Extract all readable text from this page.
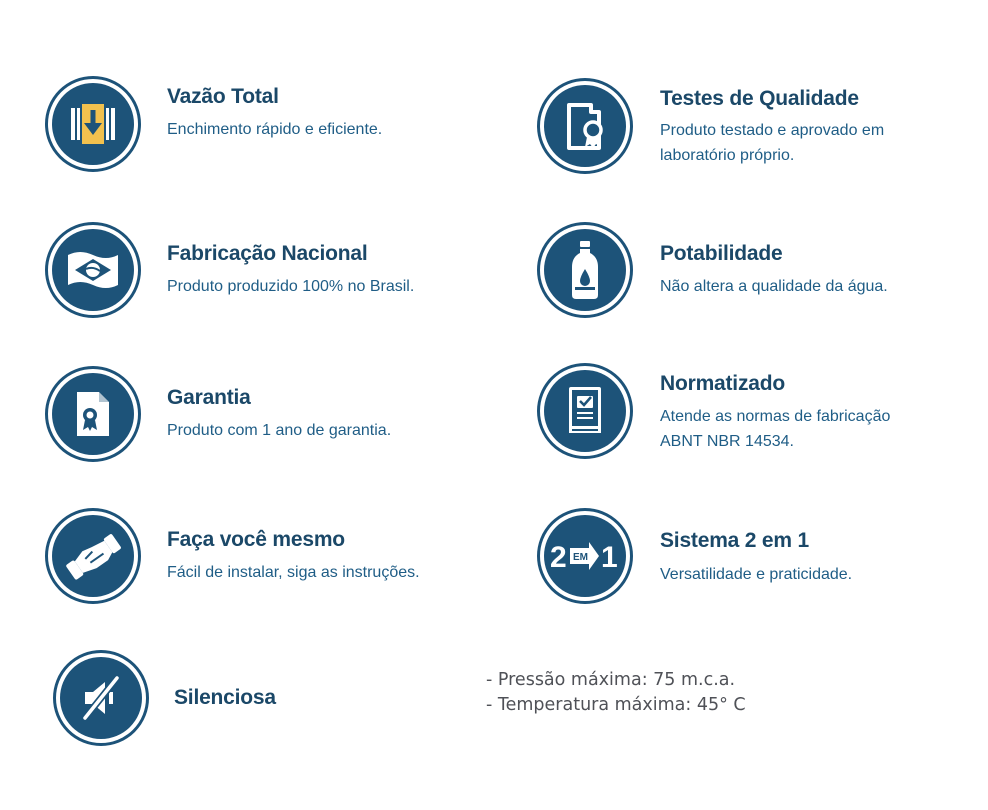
Vazão Total
Enchimento rápido e eficiente.
Testes de Qualidade
Produto testado e aprovado em
laboratório próprio.
Fabricação Nacional
Produto produzido 100% no Brasil.
Potabilidade
Não altera a qualidade da água.
Garantia
Produto com 1 ano de garantia.
Normatizado
Atende as normas de fabricação
ABNT NBR 14534.
Faça você mesmo
Fácil de instalar, siga as instruções.	2 EM 1
Sistema 2 em 1
Versatilidade e praticidade.
Silenciosa
- Pressão máxima: 75 m.c.a.
- Temperatura máxima: 45° C
